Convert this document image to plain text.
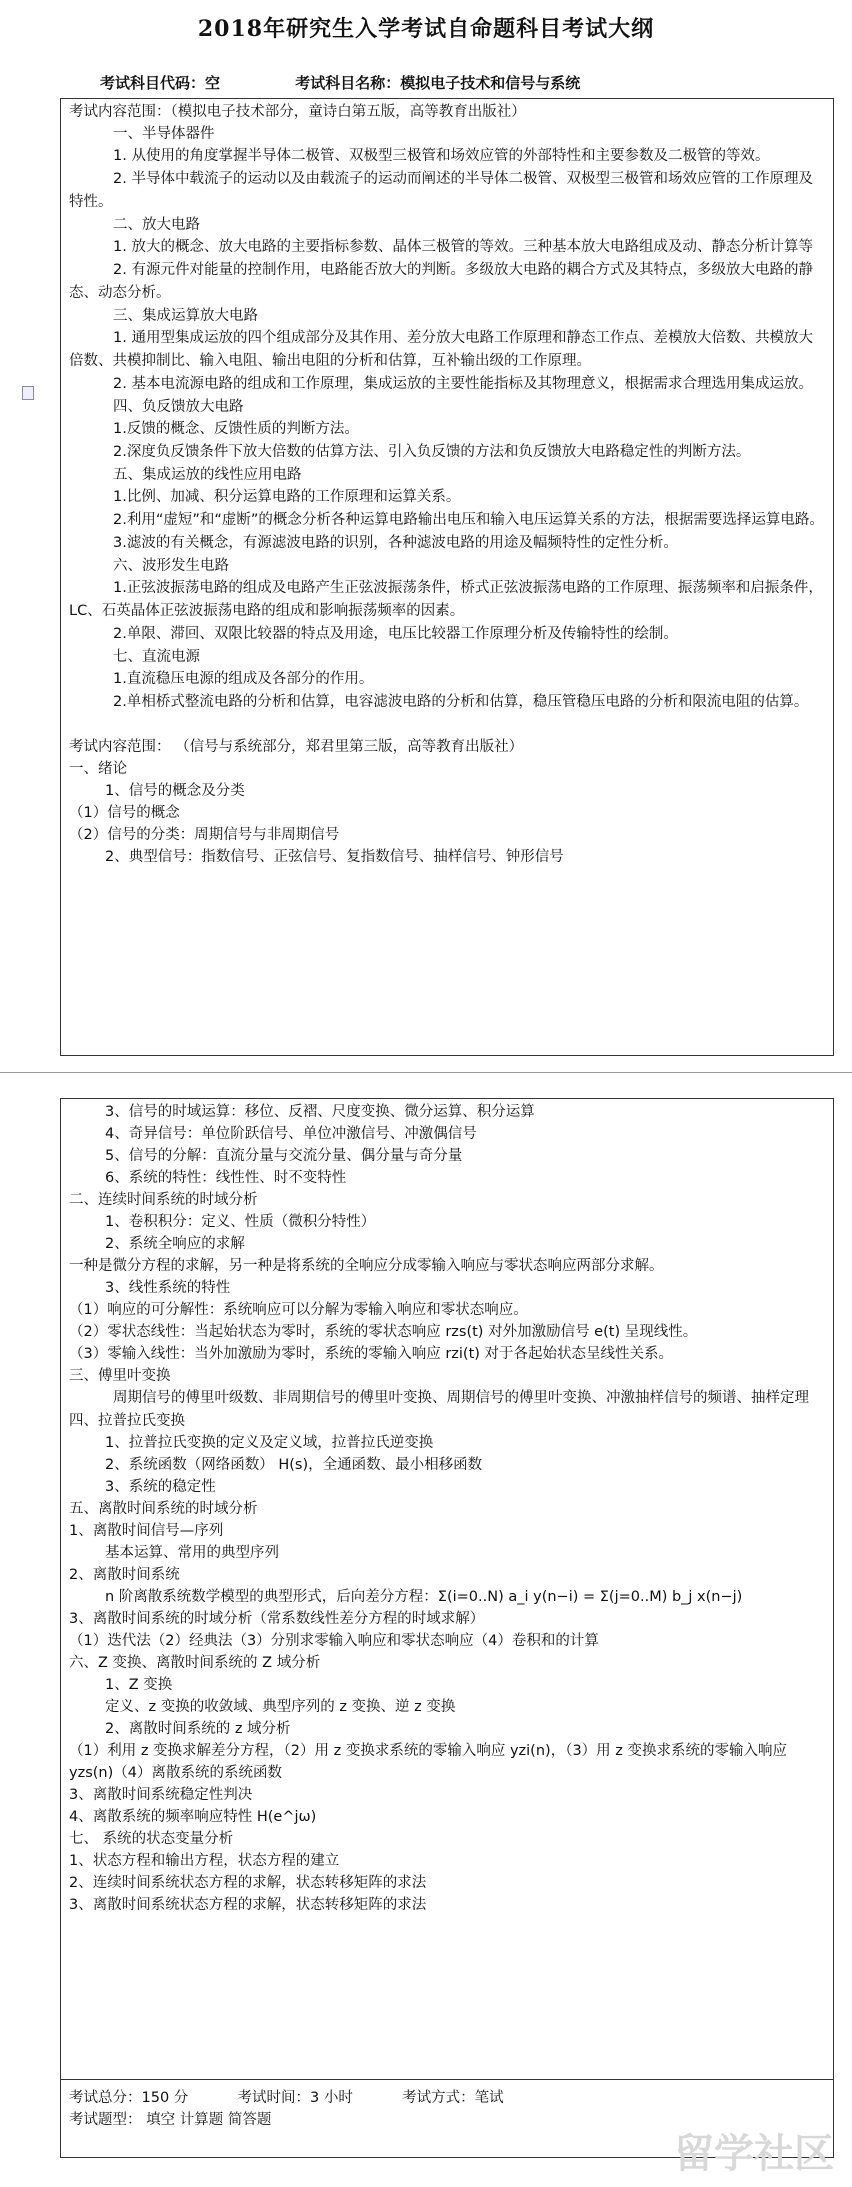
2018年研究生入学考试自命题科目考试大纲
考试科目代码：空	考试科目名称：模拟电子技术和信号与系统
考试内容范围：（模拟电子技术部分，童诗白第五版，高等教育出版社）
一、半导体器件
1. 从使用的角度掌握半导体二极管、双极型三极管和场效应管的外部特性和主要参数及二极管的等效。
2. 半导体中载流子的运动以及由载流子的运动而阐述的半导体二极管、双极型三极管和场效应管的工作原理及特性。
二、放大电路
1. 放大的概念、放大电路的主要指标参数、晶体三极管的等效。三种基本放大电路组成及动、静态分析计算等
2. 有源元件对能量的控制作用，电路能否放大的判断。多级放大电路的耦合方式及其特点，多级放大电路的静态、动态分析。
三、集成运算放大电路
1. 通用型集成运放的四个组成部分及其作用、差分放大电路工作原理和静态工作点、差模放大倍数、共模放大倍数、共模抑制比、输入电阻、输出电阻的分析和估算，互补输出级的工作原理。
2. 基本电流源电路的组成和工作原理，集成运放的主要性能指标及其物理意义，根据需求合理选用集成运放。
四、负反馈放大电路
1.反馈的概念、反馈性质的判断方法。
2.深度负反馈条件下放大倍数的估算方法、引入负反馈的方法和负反馈放大电路稳定性的判断方法。
五、集成运放的线性应用电路
1.比例、加减、积分运算电路的工作原理和运算关系。
2.利用“虚短”和“虚断”的概念分析各种运算电路输出电压和输入电压运算关系的方法，根据需要选择运算电路。
3.滤波的有关概念，有源滤波电路的识别，各种滤波电路的用途及幅频特性的定性分析。
六、波形发生电路
1.正弦波振荡电路的组成及电路产生正弦波振荡条件，桥式正弦波振荡电路的工作原理、振荡频率和启振条件，LC、石英晶体正弦波振荡电路的组成和影响振荡频率的因素。
2.单限、滞回、双限比较器的特点及用途，电压比较器工作原理分析及传输特性的绘制。
七、直流电源
1.直流稳压电源的组成及各部分的作用。
2.单相桥式整流电路的分析和估算，电容滤波电路的分析和估算，稳压管稳压电路的分析和限流电阻的估算。
考试内容范围： （信号与系统部分，郑君里第三版，高等教育出版社）
一、绪论
1、信号的概念及分类
（1）信号的概念
（2）信号的分类：周期信号与非周期信号
2、典型信号：指数信号、正弦信号、复指数信号、抽样信号、钟形信号
3、信号的时域运算：移位、反褶、尺度变换、微分运算、积分运算
4、奇异信号：单位阶跃信号、单位冲激信号、冲激偶信号
5、信号的分解：直流分量与交流分量、偶分量与奇分量
6、系统的特性：线性性、时不变特性
二、连续时间系统的时域分析
1、卷积积分：定义、性质（微积分特性）
2、系统全响应的求解
一种是微分方程的求解，另一种是将系统的全响应分成零输入响应与零状态响应两部分求解。
3、线性系统的特性
（1）响应的可分解性：系统响应可以分解为零输入响应和零状态响应。
（2）零状态线性：当起始状态为零时，系统的零状态响应 rzs(t) 对外加激励信号 e(t) 呈现线性。
（3）零输入线性：当外加激励为零时，系统的零输入响应 rzi(t) 对于各起始状态呈线性关系。
三、傅里叶变换
周期信号的傅里叶级数、非周期信号的傅里叶变换、周期信号的傅里叶变换、冲激抽样信号的频谱、抽样定理
四、拉普拉氏变换
1、拉普拉氏变换的定义及定义域，拉普拉氏逆变换
2、系统函数（网络函数） H(s)，全通函数、最小相移函数
3、系统的稳定性
五、离散时间系统的时域分析
1、离散时间信号—序列
基本运算、常用的典型序列
2、离散时间系统
n 阶离散系统数学模型的典型形式，后向差分方程：Σ(i=0..N) a_i y(n−i) = Σ(j=0..M) b_j x(n−j)
3、离散时间系统的时域分析（常系数线性差分方程的时域求解）
（1）迭代法（2）经典法（3）分别求零输入响应和零状态响应（4）卷积和的计算
六、Z 变换、离散时间系统的 Z 域分析
1、Z 变换
定义、z 变换的收敛域、典型序列的 z 变换、逆 z 变换
2、离散时间系统的 z 域分析
（1）利用 z 变换求解差分方程，（2）用 z 变换求系统的零输入响应 yzi(n)，（3）用 z 变换求系统的零输入响应 yzs(n)（4）离散系统的系统函数
3、离散时间系统稳定性判决
4、离散系统的频率响应特性 H(e^jω)
七、 系统的状态变量分析
1、状态方程和输出方程，状态方程的建立
2、连续时间系统状态方程的求解，状态转移矩阵的求法
3、离散时间系统状态方程的求解，状态转移矩阵的求法
考试总分：150 分	考试时间：3 小时	考试方式：笔试
考试题型： 填空 计算题 简答题
留学社区
